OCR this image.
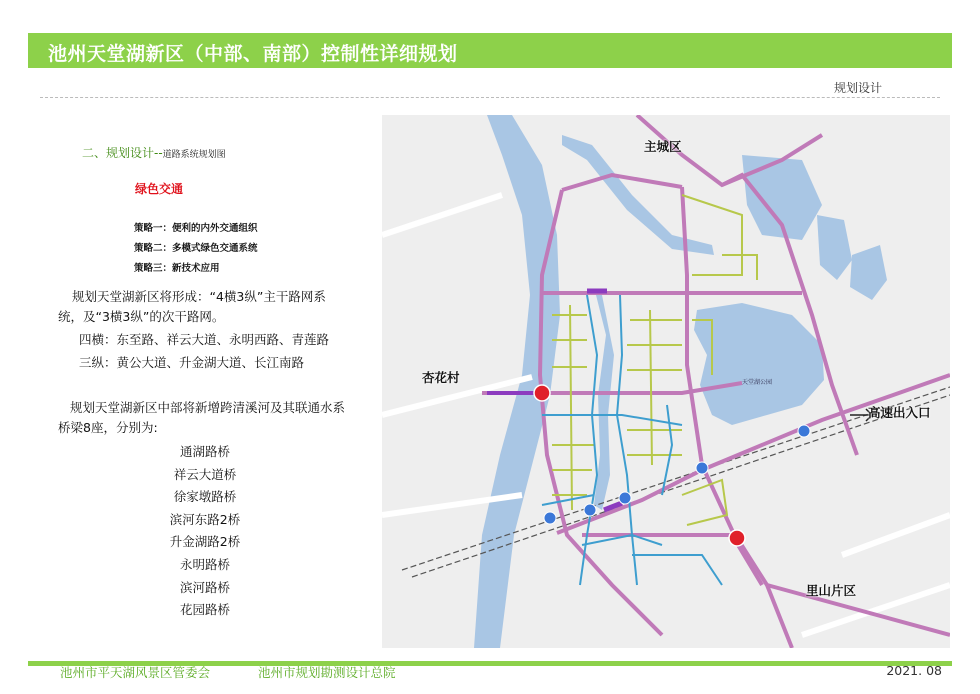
池州天堂湖新区（中部、南部）控制性详细规划
规划设计
二、规划设计--道路系统规划图
绿色交通
策略一：便利的内外交通组织
策略二：多模式绿色交通系统
策略三：新技术应用
规划天堂湖新区将形成：“4横3纵”主干路网系
统，及“3横3纵”的次干路网。
四横：东至路、祥云大道、永明西路、青莲路
三纵：黄公大道、升金湖大道、长江南路
规划天堂湖新区中部将新增跨清溪河及其联通水系
桥梁8座，分别为:
通湖路桥
祥云大道桥
徐家墩路桥
滨河东路2桥
升金湖路2桥
永明路桥
滨河路桥
花园路桥
主城区
杏花村
高速出入口
里山片区
天堂湖公园
池州市平天湖风景区管委会	池州市规划勘测设计总院	2021. 08
